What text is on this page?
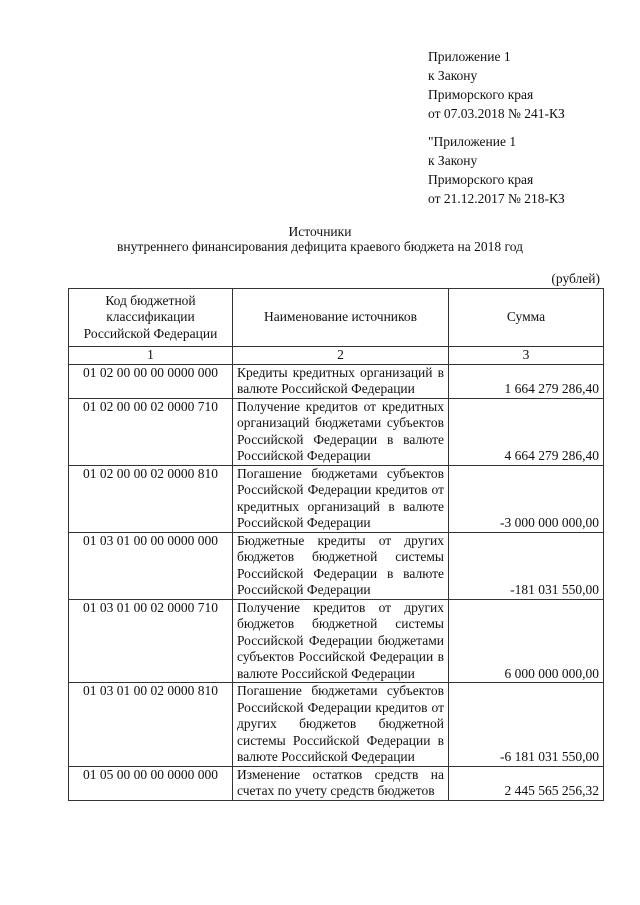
Приложение 1
к Закону
Приморского края
от 07.03.2018 № 241-КЗ
"Приложение 1
к Закону
Приморского края
от 21.12.2017 № 218-КЗ
Источники
внутреннего финансирования дефицита краевого бюджета на 2018 год
(рублей)
Код бюджетной классификации Российской Федерации	Наименование источников	Сумма
1	2	3
01 02 00 00 00 0000 000	Кредиты кредитных организаций в валюте Российской Федерации	1 664 279 286,40
01 02 00 00 02 0000 710	Получение кредитов от кредитных организаций бюджетами субъектов Российской Федерации в валюте Российской Федерации	4 664 279 286,40
01 02 00 00 02 0000 810	Погашение бюджетами субъектов Российской Федерации кредитов от кредитных организаций в валюте Российской Федерации	-3 000 000 000,00
01 03 01 00 00 0000 000	Бюджетные кредиты от других бюджетов бюджетной системы Российской Федерации в валюте Российской Федерации	-181 031 550,00
01 03 01 00 02 0000 710	Получение кредитов от других бюджетов бюджетной системы Российской Федерации бюджетами субъектов Российской Федерации в валюте Российской Федерации	6 000 000 000,00
01 03 01 00 02 0000 810	Погашение бюджетами субъектов Российской Федерации кредитов от других бюджетов бюджетной системы Российской Федерации в валюте Российской Федерации	-6 181 031 550,00
01 05 00 00 00 0000 000	Изменение остатков средств на счетах по учету средств бюджетов	2 445 565 256,32
